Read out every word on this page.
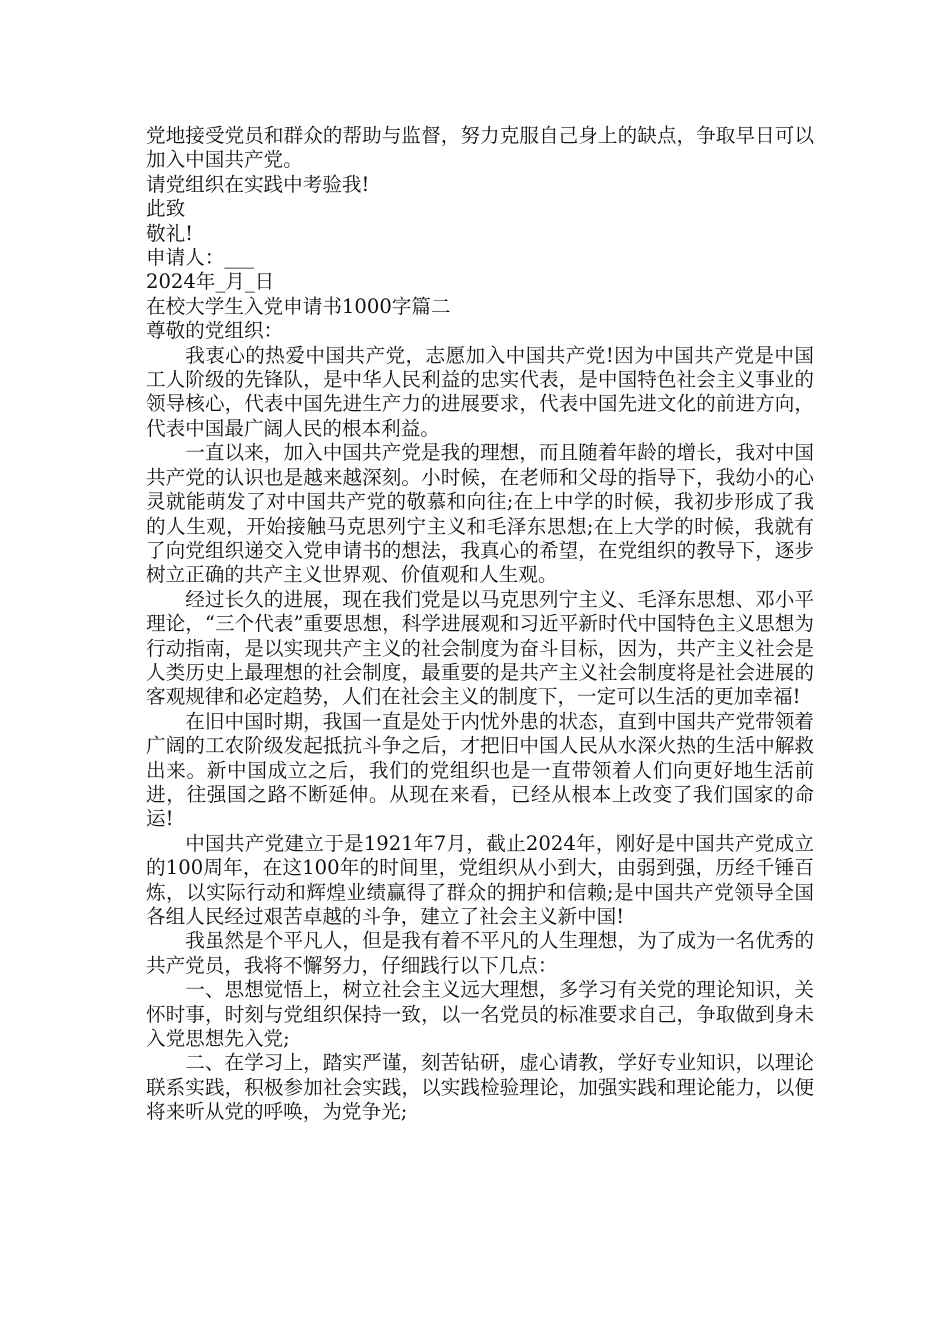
党地接受党员和群众的帮助与监督，努力克服自己身上的缺点，争取早日可以加入中国共产党。

请党组织在实践中考验我!

此致

敬礼!

申请人：___

2024年_月_日

在校大学生入党申请书1000字篇二

尊敬的党组织：

我衷心的热爱中国共产党，志愿加入中国共产党!因为中国共产党是中国工人阶级的先锋队，是中华人民利益的忠实代表，是中国特色社会主义事业的领导核心，代表中国先进生产力的进展要求，代表中国先进文化的前进方向，代表中国最广阔人民的根本利益。

一直以来，加入中国共产党是我的理想，而且随着年龄的增长，我对中国共产党的认识也是越来越深刻。小时候，在老师和父母的指导下，我幼小的心灵就能萌发了对中国共产党的敬慕和向往;在上中学的时候，我初步形成了我的人生观，开始接触马克思列宁主义和毛泽东思想;在上大学的时候，我就有了向党组织递交入党申请书的想法，我真心的希望，在党组织的教导下，逐步树立正确的共产主义世界观、价值观和人生观。

经过长久的进展，现在我们党是以马克思列宁主义、毛泽东思想、邓小平理论，“三个代表”重要思想，科学进展观和习近平新时代中国特色主义思想为行动指南，是以实现共产主义的社会制度为奋斗目标，因为，共产主义社会是人类历史上最理想的社会制度，最重要的是共产主义社会制度将是社会进展的客观规律和必定趋势，人们在社会主义的制度下，一定可以生活的更加幸福!

在旧中国时期，我国一直是处于内忧外患的状态，直到中国共产党带领着广阔的工农阶级发起抵抗斗争之后，才把旧中国人民从水深火热的生活中解救出来。新中国成立之后，我们的党组织也是一直带领着人们向更好地生活前进，往强国之路不断延伸。从现在来看，已经从根本上改变了我们国家的命运!

中国共产党建立于是1921年7月，截止2024年，刚好是中国共产党成立的100周年，在这100年的时间里，党组织从小到大，由弱到强，历经千锤百炼，以实际行动和辉煌业绩赢得了群众的拥护和信赖;是中国共产党领导全国各组人民经过艰苦卓越的斗争，建立了社会主义新中国!

我虽然是个平凡人，但是我有着不平凡的人生理想，为了成为一名优秀的共产党员，我将不懈努力，仔细践行以下几点：

一、思想觉悟上，树立社会主义远大理想，多学习有关党的理论知识，关怀时事，时刻与党组织保持一致，以一名党员的标准要求自己，争取做到身未入党思想先入党;

二、在学习上，踏实严谨，刻苦钻研，虚心请教，学好专业知识，以理论联系实践，积极参加社会实践，以实践检验理论，加强实践和理论能力，以便将来听从党的呼唤，为党争光;
